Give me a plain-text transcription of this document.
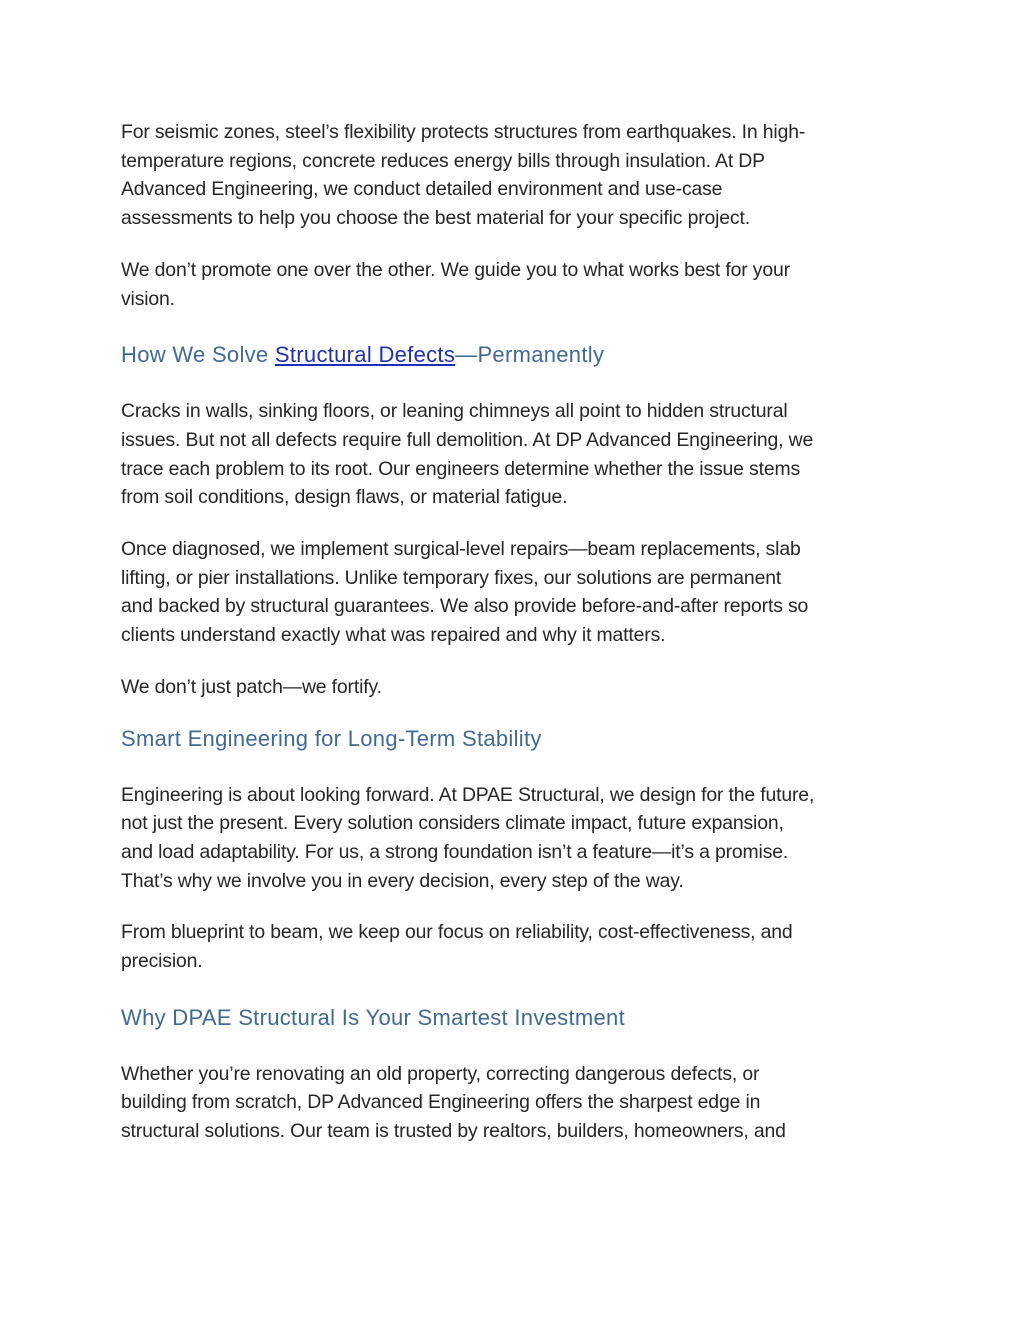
For seismic zones, steel’s flexibility protects structures from earthquakes. In high-
temperature regions, concrete reduces energy bills through insulation. At DP
Advanced Engineering, we conduct detailed environment and use-case
assessments to help you choose the best material for your specific project.

We don’t promote one over the other. We guide you to what works best for your
vision.

How We Solve Structural Defects—Permanently

Cracks in walls, sinking floors, or leaning chimneys all point to hidden structural
issues. But not all defects require full demolition. At DP Advanced Engineering, we
trace each problem to its root. Our engineers determine whether the issue stems
from soil conditions, design flaws, or material fatigue.

Once diagnosed, we implement surgical-level repairs—beam replacements, slab
lifting, or pier installations. Unlike temporary fixes, our solutions are permanent
and backed by structural guarantees. We also provide before-and-after reports so
clients understand exactly what was repaired and why it matters.

We don’t just patch—we fortify.

Smart Engineering for Long-Term Stability

Engineering is about looking forward. At DPAE Structural, we design for the future,
not just the present. Every solution considers climate impact, future expansion,
and load adaptability. For us, a strong foundation isn’t a feature—it’s a promise.
That’s why we involve you in every decision, every step of the way.

From blueprint to beam, we keep our focus on reliability, cost-effectiveness, and
precision.

Why DPAE Structural Is Your Smartest Investment

Whether you’re renovating an old property, correcting dangerous defects, or
building from scratch, DP Advanced Engineering offers the sharpest edge in
structural solutions. Our team is trusted by realtors, builders, homeowners, and
